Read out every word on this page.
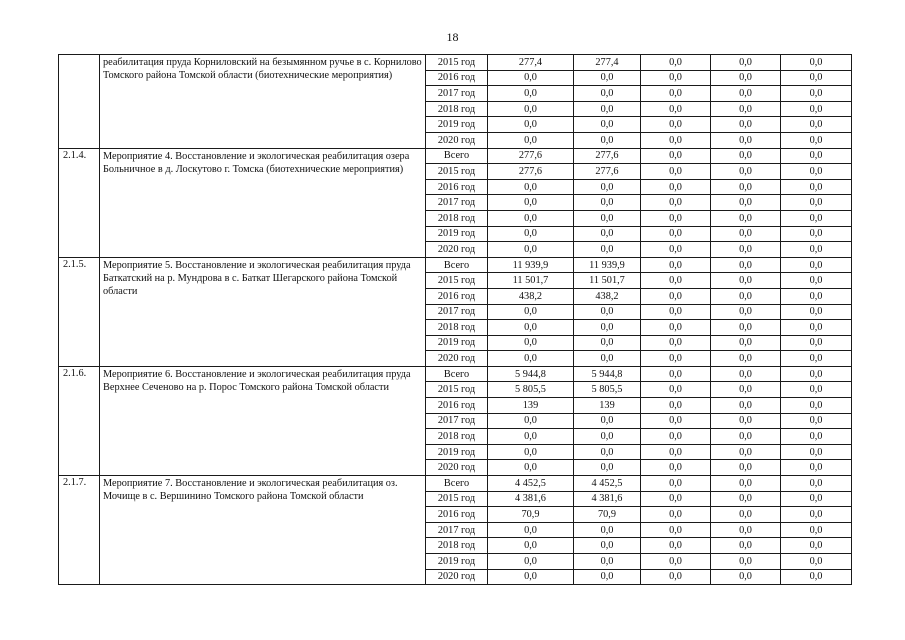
18
	реабилитация пруда Корниловский на безымянном ручье в с. Корнилово Томского района Томской области (биотехнические мероприятия)	2015 год	277,4	277,4	0,0	0,0	0,0
		2016 год	0,0	0,0	0,0	0,0	0,0
		2017 год	0,0	0,0	0,0	0,0	0,0
		2018 год	0,0	0,0	0,0	0,0	0,0
		2019 год	0,0	0,0	0,0	0,0	0,0
		2020 год	0,0	0,0	0,0	0,0	0,0
2.1.4.	Мероприятие 4. Восстановление и экологическая реабилитация озера Больничное в д. Лоскутово г. Томска (биотехнические мероприятия)	Всего	277,6	277,6	0,0	0,0	0,0
		2015 год	277,6	277,6	0,0	0,0	0,0
		2016 год	0,0	0,0	0,0	0,0	0,0
		2017 год	0,0	0,0	0,0	0,0	0,0
		2018 год	0,0	0,0	0,0	0,0	0,0
		2019 год	0,0	0,0	0,0	0,0	0,0
		2020 год	0,0	0,0	0,0	0,0	0,0
2.1.5.	Мероприятие 5. Восстановление и экологическая реабилитация пруда Баткатский на р. Мундрова в с. Баткат Шегарского района Томской области	Всего	11 939,9	11 939,9	0,0	0,0	0,0
		2015 год	11 501,7	11 501,7	0,0	0,0	0,0
		2016 год	438,2	438,2	0,0	0,0	0,0
		2017 год	0,0	0,0	0,0	0,0	0,0
		2018 год	0,0	0,0	0,0	0,0	0,0
		2019 год	0,0	0,0	0,0	0,0	0,0
		2020 год	0,0	0,0	0,0	0,0	0,0
2.1.6.	Мероприятие 6. Восстановление и экологическая реабилитация пруда Верхнее Сеченово на р. Порос Томского района Томской области	Всего	5 944,8	5 944,8	0,0	0,0	0,0
		2015 год	5 805,5	5 805,5	0,0	0,0	0,0
		2016 год	139	139	0,0	0,0	0,0
		2017 год	0,0	0,0	0,0	0,0	0,0
		2018 год	0,0	0,0	0,0	0,0	0,0
		2019 год	0,0	0,0	0,0	0,0	0,0
		2020 год	0,0	0,0	0,0	0,0	0,0
2.1.7.	Мероприятие 7. Восстановление и экологическая реабилитация оз. Мочище в с. Вершинино Томского района Томской области	Всего	4 452,5	4 452,5	0,0	0,0	0,0
		2015 год	4 381,6	4 381,6	0,0	0,0	0,0
		2016 год	70,9	70,9	0,0	0,0	0,0
		2017 год	0,0	0,0	0,0	0,0	0,0
		2018 год	0,0	0,0	0,0	0,0	0,0
		2019 год	0,0	0,0	0,0	0,0	0,0
		2020 год	0,0	0,0	0,0	0,0	0,0
